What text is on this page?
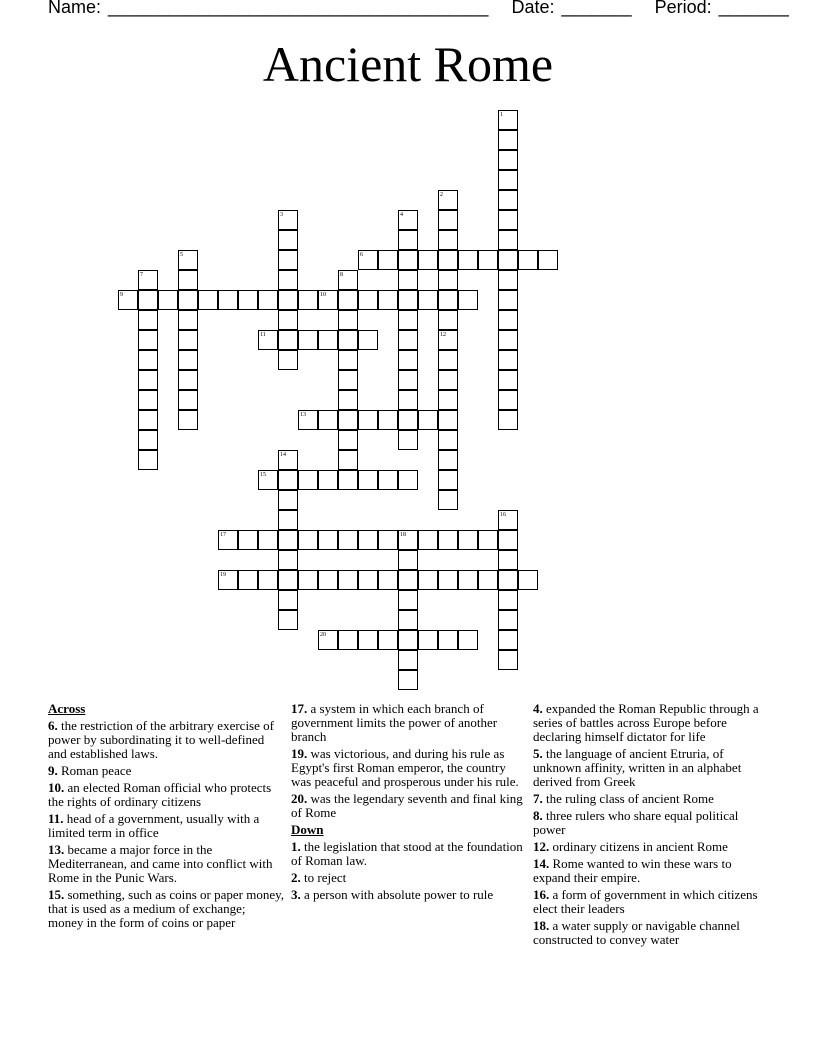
Name: ______________________________________ Date: _______ Period: _______
Ancient Rome
1
2
3	4
5	6
7	8
9	10
11	12
13
14
15
16
17	18
19
20
Across
6. the restriction of the arbitrary exercise of power by subordinating it to well-defined and established laws.
9. Roman peace
10. an elected Roman official who protects the rights of ordinary citizens
11. head of a government, usually with a limited term in office
13. became a major force in the Mediterranean, and came into conflict with Rome in the Punic Wars.
15. something, such as coins or paper money, that is used as a medium of exchange; money in the form of coins or paper
17. a system in which each branch of government limits the power of another branch
19. was victorious, and during his rule as Egypt's first Roman emperor, the country was peaceful and prosperous under his rule.
20. was the legendary seventh and final king of Rome
Down
1. the legislation that stood at the foundation of Roman law.
2. to reject
3. a person with absolute power to rule
4. expanded the Roman Republic through a series of battles across Europe before declaring himself dictator for life
5. the language of ancient Etruria, of unknown affinity, written in an alphabet derived from Greek
7. the ruling class of ancient Rome
8. three rulers who share equal political power
12. ordinary citizens in ancient Rome
14. Rome wanted to win these wars to expand their empire.
16. a form of government in which citizens elect their leaders
18. a water supply or navigable channel constructed to convey water
